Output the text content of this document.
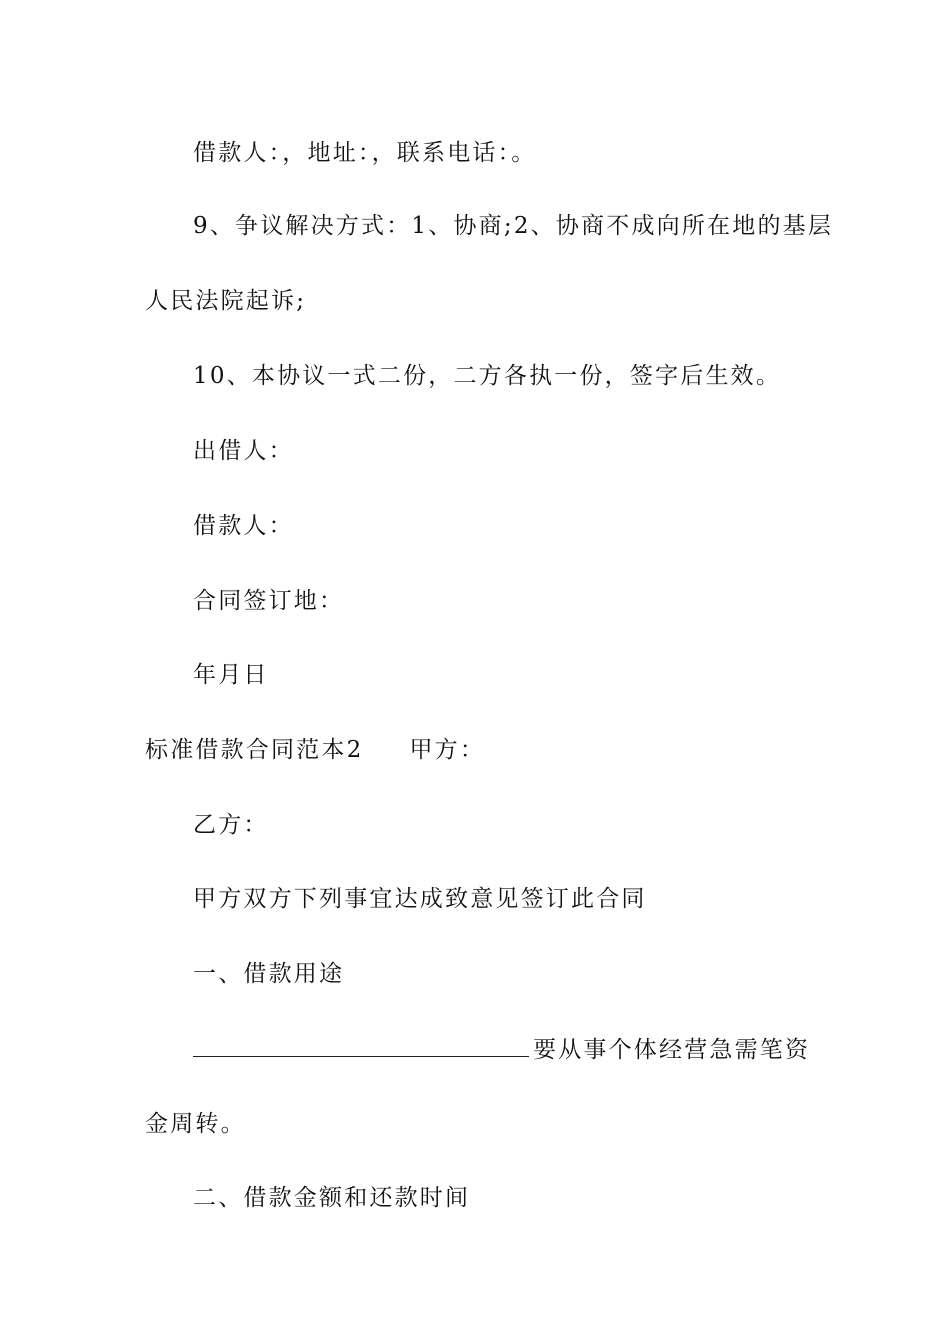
借款人：，地址：，联系电话：。
9、争议解决方式：1、协商;2、协商不成向所在地的基层
人民法院起诉;
10、本协议一式二份，二方各执一份，签字后生效。
出借人：
借款人：
合同签订地：
年月日
标准借款合同范本2 甲方：
乙方：
甲方双方下列事宜达成致意见签订此合同
一、借款用途
要从事个体经营急需笔资
金周转。
二、借款金额和还款时间
